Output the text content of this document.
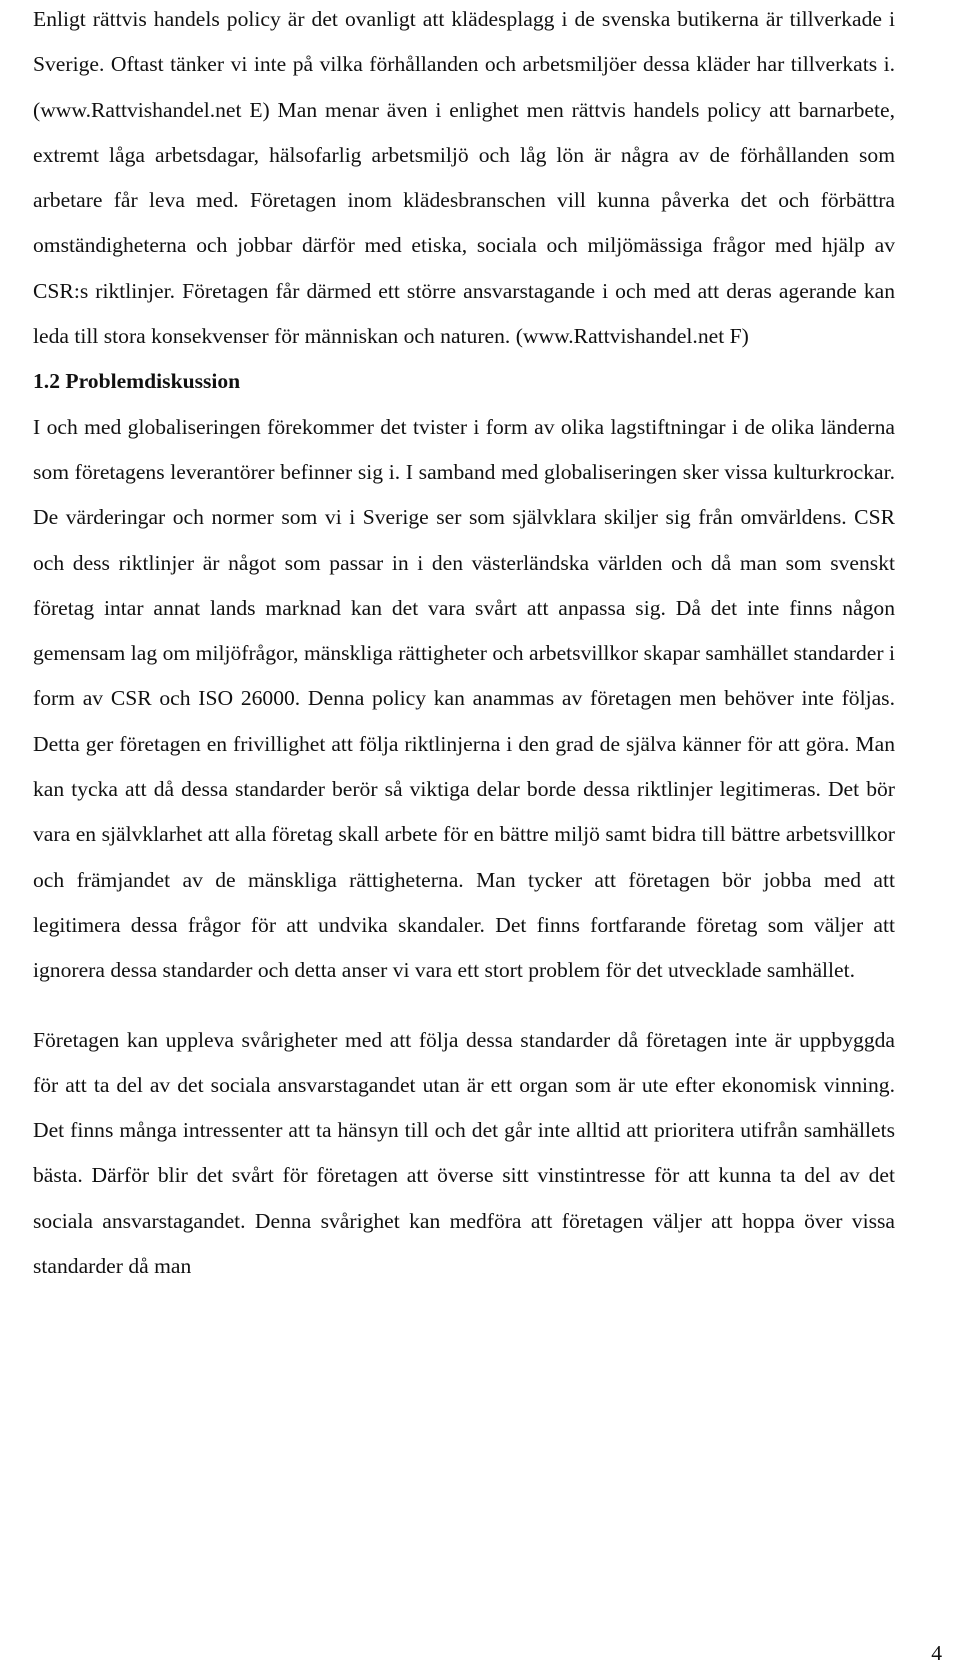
Enligt rättvis handels policy är det ovanligt att klädesplagg i de svenska butikerna är tillverkade i Sverige. Oftast tänker vi inte på vilka förhållanden och arbetsmiljöer dessa kläder har tillverkats i. (www.Rattvishandel.net E) Man menar även i enlighet men rättvis handels policy att barnarbete, extremt låga arbetsdagar, hälsofarlig arbetsmiljö och låg lön är några av de förhållanden som arbetare får leva med. Företagen inom klädesbranschen vill kunna påverka det och förbättra omständigheterna och jobbar därför med etiska, sociala och miljömässiga frågor med hjälp av CSR:s riktlinjer. Företagen får därmed ett större ansvarstagande i och med att deras agerande kan leda till stora konsekvenser för människan och naturen. (www.Rattvishandel.net F)

1.2 Problemdiskussion

I och med globaliseringen förekommer det tvister i form av olika lagstiftningar i de olika länderna som företagens leverantörer befinner sig i. I samband med globaliseringen sker vissa kulturkrockar. De värderingar och normer som vi i Sverige ser som självklara skiljer sig från omvärldens. CSR och dess riktlinjer är något som passar in i den västerländska världen och då man som svenskt företag intar annat lands marknad kan det vara svårt att anpassa sig. Då det inte finns någon gemensam lag om miljöfrågor, mänskliga rättigheter och arbetsvillkor skapar samhället standarder i form av CSR och ISO 26000. Denna policy kan anammas av företagen men behöver inte följas. Detta ger företagen en frivillighet att följa riktlinjerna i den grad de själva känner för att göra. Man kan tycka att då dessa standarder berör så viktiga delar borde dessa riktlinjer legitimeras. Det bör vara en självklarhet att alla företag skall arbete för en bättre miljö samt bidra till bättre arbetsvillkor och främjandet av de mänskliga rättigheterna. Man tycker att företagen bör jobba med att legitimera dessa frågor för att undvika skandaler. Det finns fortfarande företag som väljer att ignorera dessa standarder och detta anser vi vara ett stort problem för det utvecklade samhället.

Företagen kan uppleva svårigheter med att följa dessa standarder då företagen inte är uppbyggda för att ta del av det sociala ansvarstagandet utan är ett organ som är ute efter ekonomisk vinning. Det finns många intressenter att ta hänsyn till och det går inte alltid att prioritera utifrån samhällets bästa. Därför blir det svårt för företagen att överse sitt vinstintresse för att kunna ta del av det sociala ansvarstagandet. Denna svårighet kan medföra att företagen väljer att hoppa över vissa standarder då man

4
